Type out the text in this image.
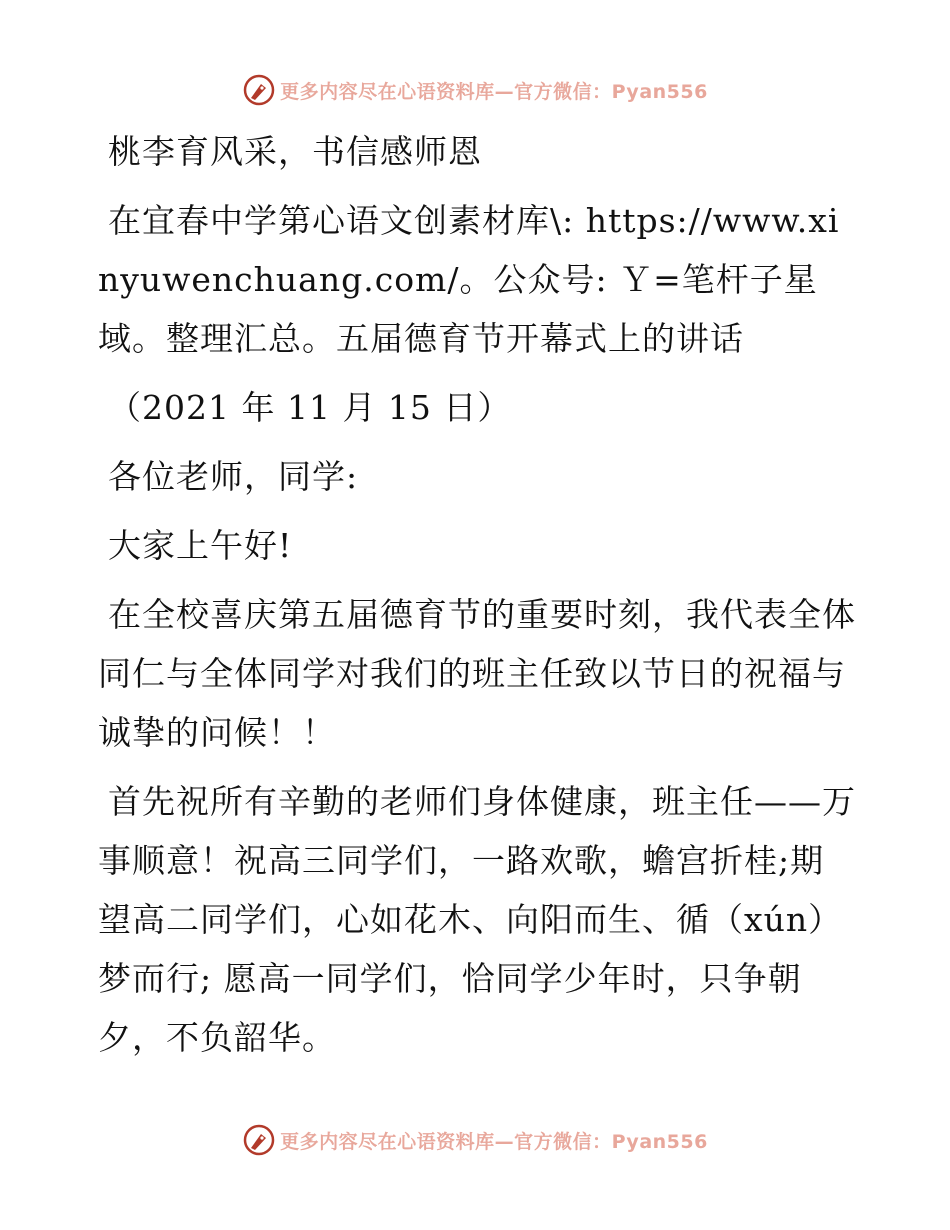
更多内容尽在心语资料库—官方微信：Pyan556

桃李育风采，书信感师恩

在宜春中学第心语文创素材库\: https://www.xinyuwenchuang.com/。公众号: Ｙ=笔杆子星域。整理汇总。五届德育节开幕式上的讲话

（2021 年 11 月 15 日）

各位老师，同学:

大家上午好!

在全校喜庆第五届德育节的重要时刻，我代表全体同仁与全体同学对我们的班主任致以节日的祝福与诚挚的问候！！

首先祝所有辛勤的老师们身体健康，班主任——万事顺意！祝高三同学们，一路欢歌，蟾宫折桂;期望高二同学们，心如花木、向阳而生、循（xún）梦而行; 愿高一同学们，恰同学少年时，只争朝夕，不负韶华。

更多内容尽在心语资料库—官方微信：Pyan556
